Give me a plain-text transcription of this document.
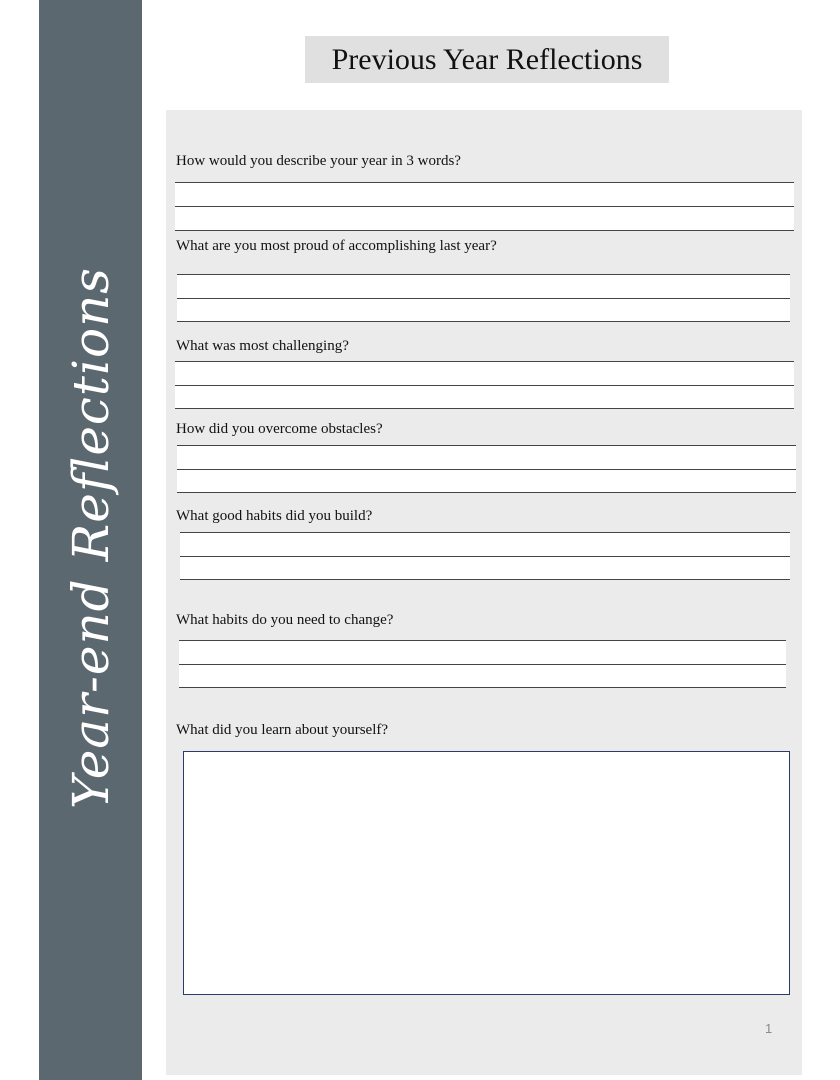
Year-end Reflections
Previous Year Reflections
How would you describe your year in 3 words?
What are you most proud of accomplishing last year?
What was most challenging?
How did you overcome obstacles?
What good habits did you build?
What habits do you need to change?
What did you learn about yourself?
1
